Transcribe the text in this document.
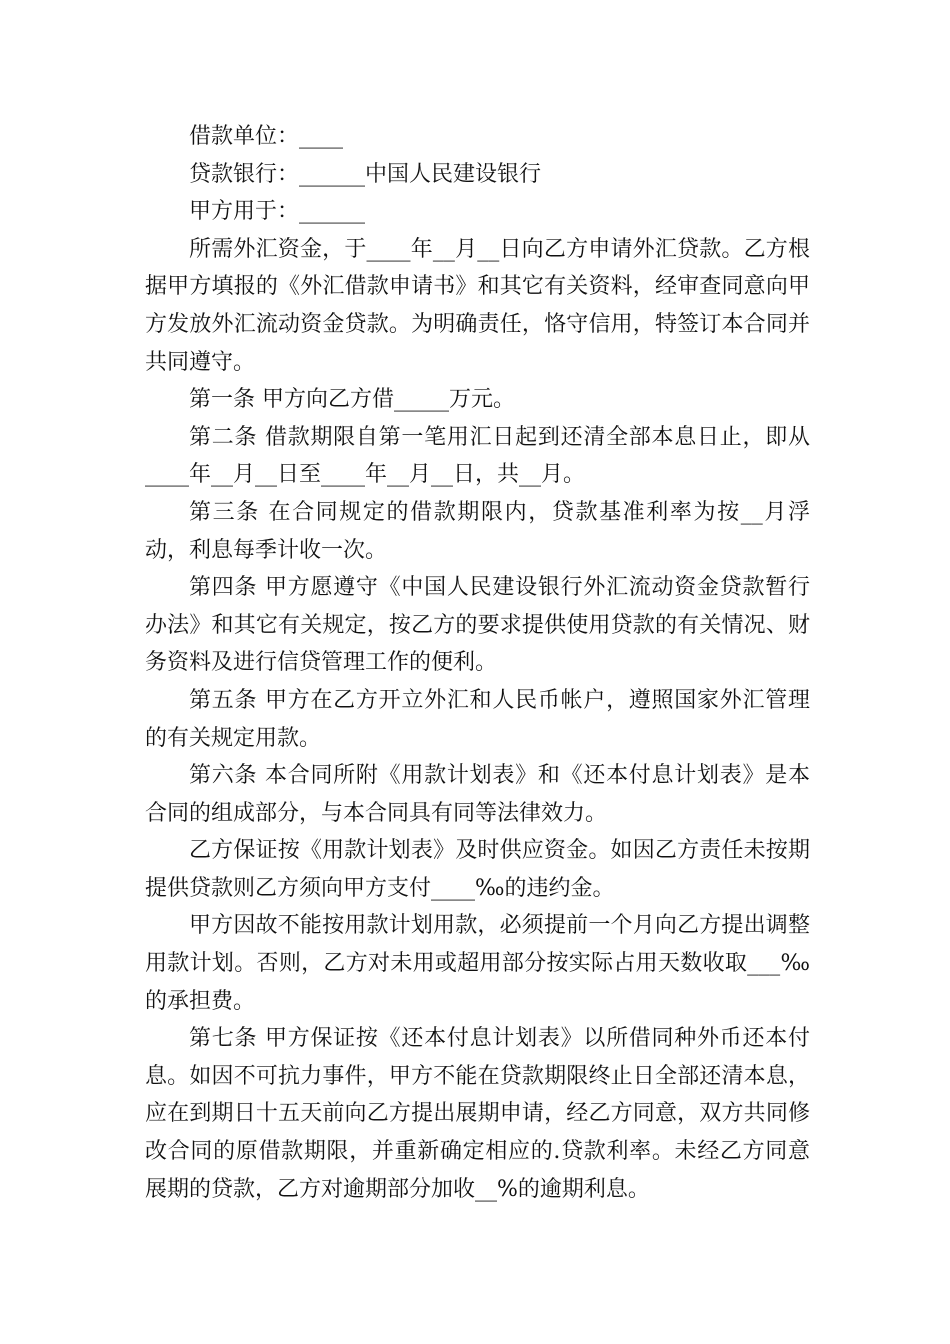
借款单位：____

贷款银行：______中国人民建设银行

甲方用于：______

所需外汇资金，于____年__月__日向乙方申请外汇贷款。乙方根据甲方填报的《外汇借款申请书》和其它有关资料，经审查同意向甲方发放外汇流动资金贷款。为明确责任，恪守信用，特签订本合同并共同遵守。

第一条 甲方向乙方借_____万元。

第二条 借款期限自第一笔用汇日起到还清全部本息日止，即从____年__月__日至____年__月__日，共__月。

第三条 在合同规定的借款期限内，贷款基准利率为按__月浮动，利息每季计收一次。

第四条 甲方愿遵守《中国人民建设银行外汇流动资金贷款暂行办法》和其它有关规定，按乙方的要求提供使用贷款的有关情况、财务资料及进行信贷管理工作的便利。

第五条 甲方在乙方开立外汇和人民币帐户，遵照国家外汇管理的有关规定用款。

第六条 本合同所附《用款计划表》和《还本付息计划表》是本合同的组成部分，与本合同具有同等法律效力。

乙方保证按《用款计划表》及时供应资金。如因乙方责任未按期提供贷款则乙方须向甲方支付____‰的违约金。

甲方因故不能按用款计划用款，必须提前一个月向乙方提出调整用款计划。否则，乙方对未用或超用部分按实际占用天数收取___‰的承担费。

第七条 甲方保证按《还本付息计划表》以所借同种外币还本付息。如因不可抗力事件，甲方不能在贷款期限终止日全部还清本息，应在到期日十五天前向乙方提出展期申请，经乙方同意，双方共同修改合同的原借款期限，并重新确定相应的.贷款利率。未经乙方同意展期的贷款，乙方对逾期部分加收__%的逾期利息。
